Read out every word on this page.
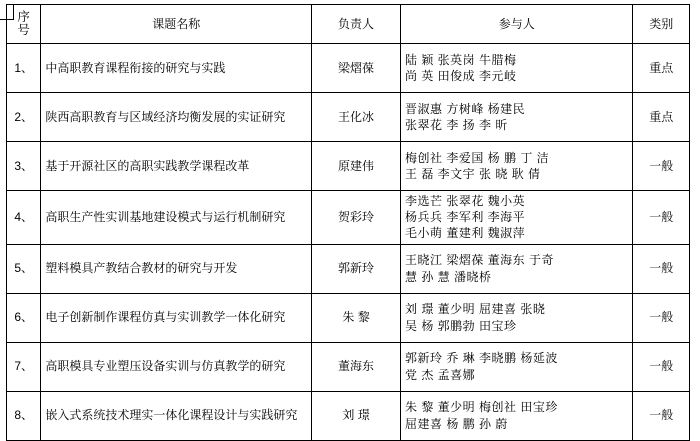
序
号	课题名称	负责人	参与人	类别
1、	中高职教育课程衔接的研究与实践	梁熠葆	陆 颖 张英岗 牛腊梅
尚 英 田俊成 李元岐	重点
2、	陕西高职教育与区域经济均衡发展的实证研究	王化冰	晋淑惠 方树峰 杨建民
张翠花 李 扬 李 昕	重点
3、	基于开源社区的高职实践教学课程改革	原建伟	梅创社 李爱国 杨 鹏 丁 洁
王 磊 李文宇 张 晓 耿 倩	一般
4、	高职生产性实训基地建设模式与运行机制研究	贺彩玲	李选芒 张翠花 魏小英
杨兵兵 李军利 李海平
毛小萌 董建利 魏淑萍	一般
5、	塑料模具产教结合教材的研究与开发	郭新玲	王晓江 梁熠葆 董海东 于奇
慧 孙 慧 潘晓桥	一般
6、	电子创新制作课程仿真与实训教学一体化研究	朱 黎	刘 璟 董少明 屈建喜 张晓
吴 杨 郭鹏勃 田宝珍	一般
7、	高职模具专业塑压设备实训与仿真教学的研究	董海东	郭新玲 乔 琳 李晓鹏 杨延波
党 杰 孟喜娜	一般
8、	嵌入式系统技术理实一体化课程设计与实践研究	刘 璟	朱 黎 董少明 梅创社 田宝珍
屈建喜 杨 鹏 孙 蔚	一般
